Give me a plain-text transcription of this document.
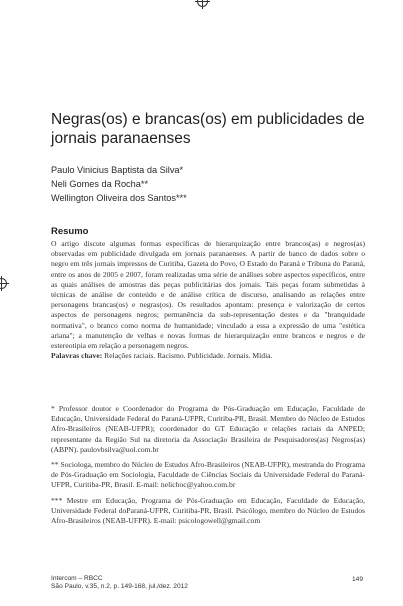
Negras(os) e brancas(os) em publicidades de jornais paranaenses
Paulo Vinicius Baptista da Silva*
Neli Gomes da Rocha**
Wellington Oliveira dos Santos***
Resumo

O artigo discute algumas formas específicas de hierarquização entre brancos(as) e negros(as) observadas em publicidade divulgada em jornais paranaenses. A partir de banco de dados sobre o negro em três jornais impressos de Curitiba, Gazeta do Povo, O Estado do Paraná e Tribuna do Paraná, entre os anos de 2005 e 2007, foram realizadas uma série de análises sobre aspectos específicos, entre as quais análises de amostras das peças publicitárias dos jornais. Tais peças foram submetidas à técnicas de análise de conteúdo e de análise crítica de discurso, analisando as relações entre personagens brancas(os) e negras(os). Os resultados apontam: presença e valorização de certos aspectos de personagens negros; permanência da sub-representação destes e da "branquidade normativa", o branco como norma de humanidade; vinculado a essa a expressão de uma "estética ariana"; a manutenção de velhas e novas formas de hierarquização entre brancos e negros e de estereotipia em relação a personagem negros.

Palavras chave: Relações raciais. Racismo. Publicidade. Jornais. Mídia.

* Professor doutor e Coordenador do Programa de Pós-Graduação em Educação, Faculdade de Educação, Universidade Federal do Paraná-UFPR, Curitiba-PR, Brasil. Membro do Núcleo de Estudos Afro-Brasileiros (NEAB-UFPR); coordenador do GT Educação e relações raciais da ANPED; representante da Região Sul na diretoria da Associação Brasileira de Pesquisadores(as) Negros(as) (ABPN). paulovbsilva@uol.com.br

** Sociologa, membro do Núcleo de Estudos Afro-Brasileiros (NEAB-UFPR), mestranda do Programa de Pós-Graduação em Sociologia, Faculdade de Ciências Sociais da Universidade Federal do Paraná-UFPR, Curitiba-PR, Brasil. E-mail: nelichoc@yahoo.com.br

*** Mestre em Educação, Programa de Pós-Graduação em Educação, Faculdade de Educação, Universidade Federal doParaná-UFPR, Curitiba-PR, Brasil. Psicólogo, membro do Núcleo de Estudos Afro-Brasileiros (NEAB-UFPR). E-mail: psicologowell@gmail.com

Intercom – RBCC
São Paulo, v.35, n.2, p. 149-168, jul./dez. 2012
149
